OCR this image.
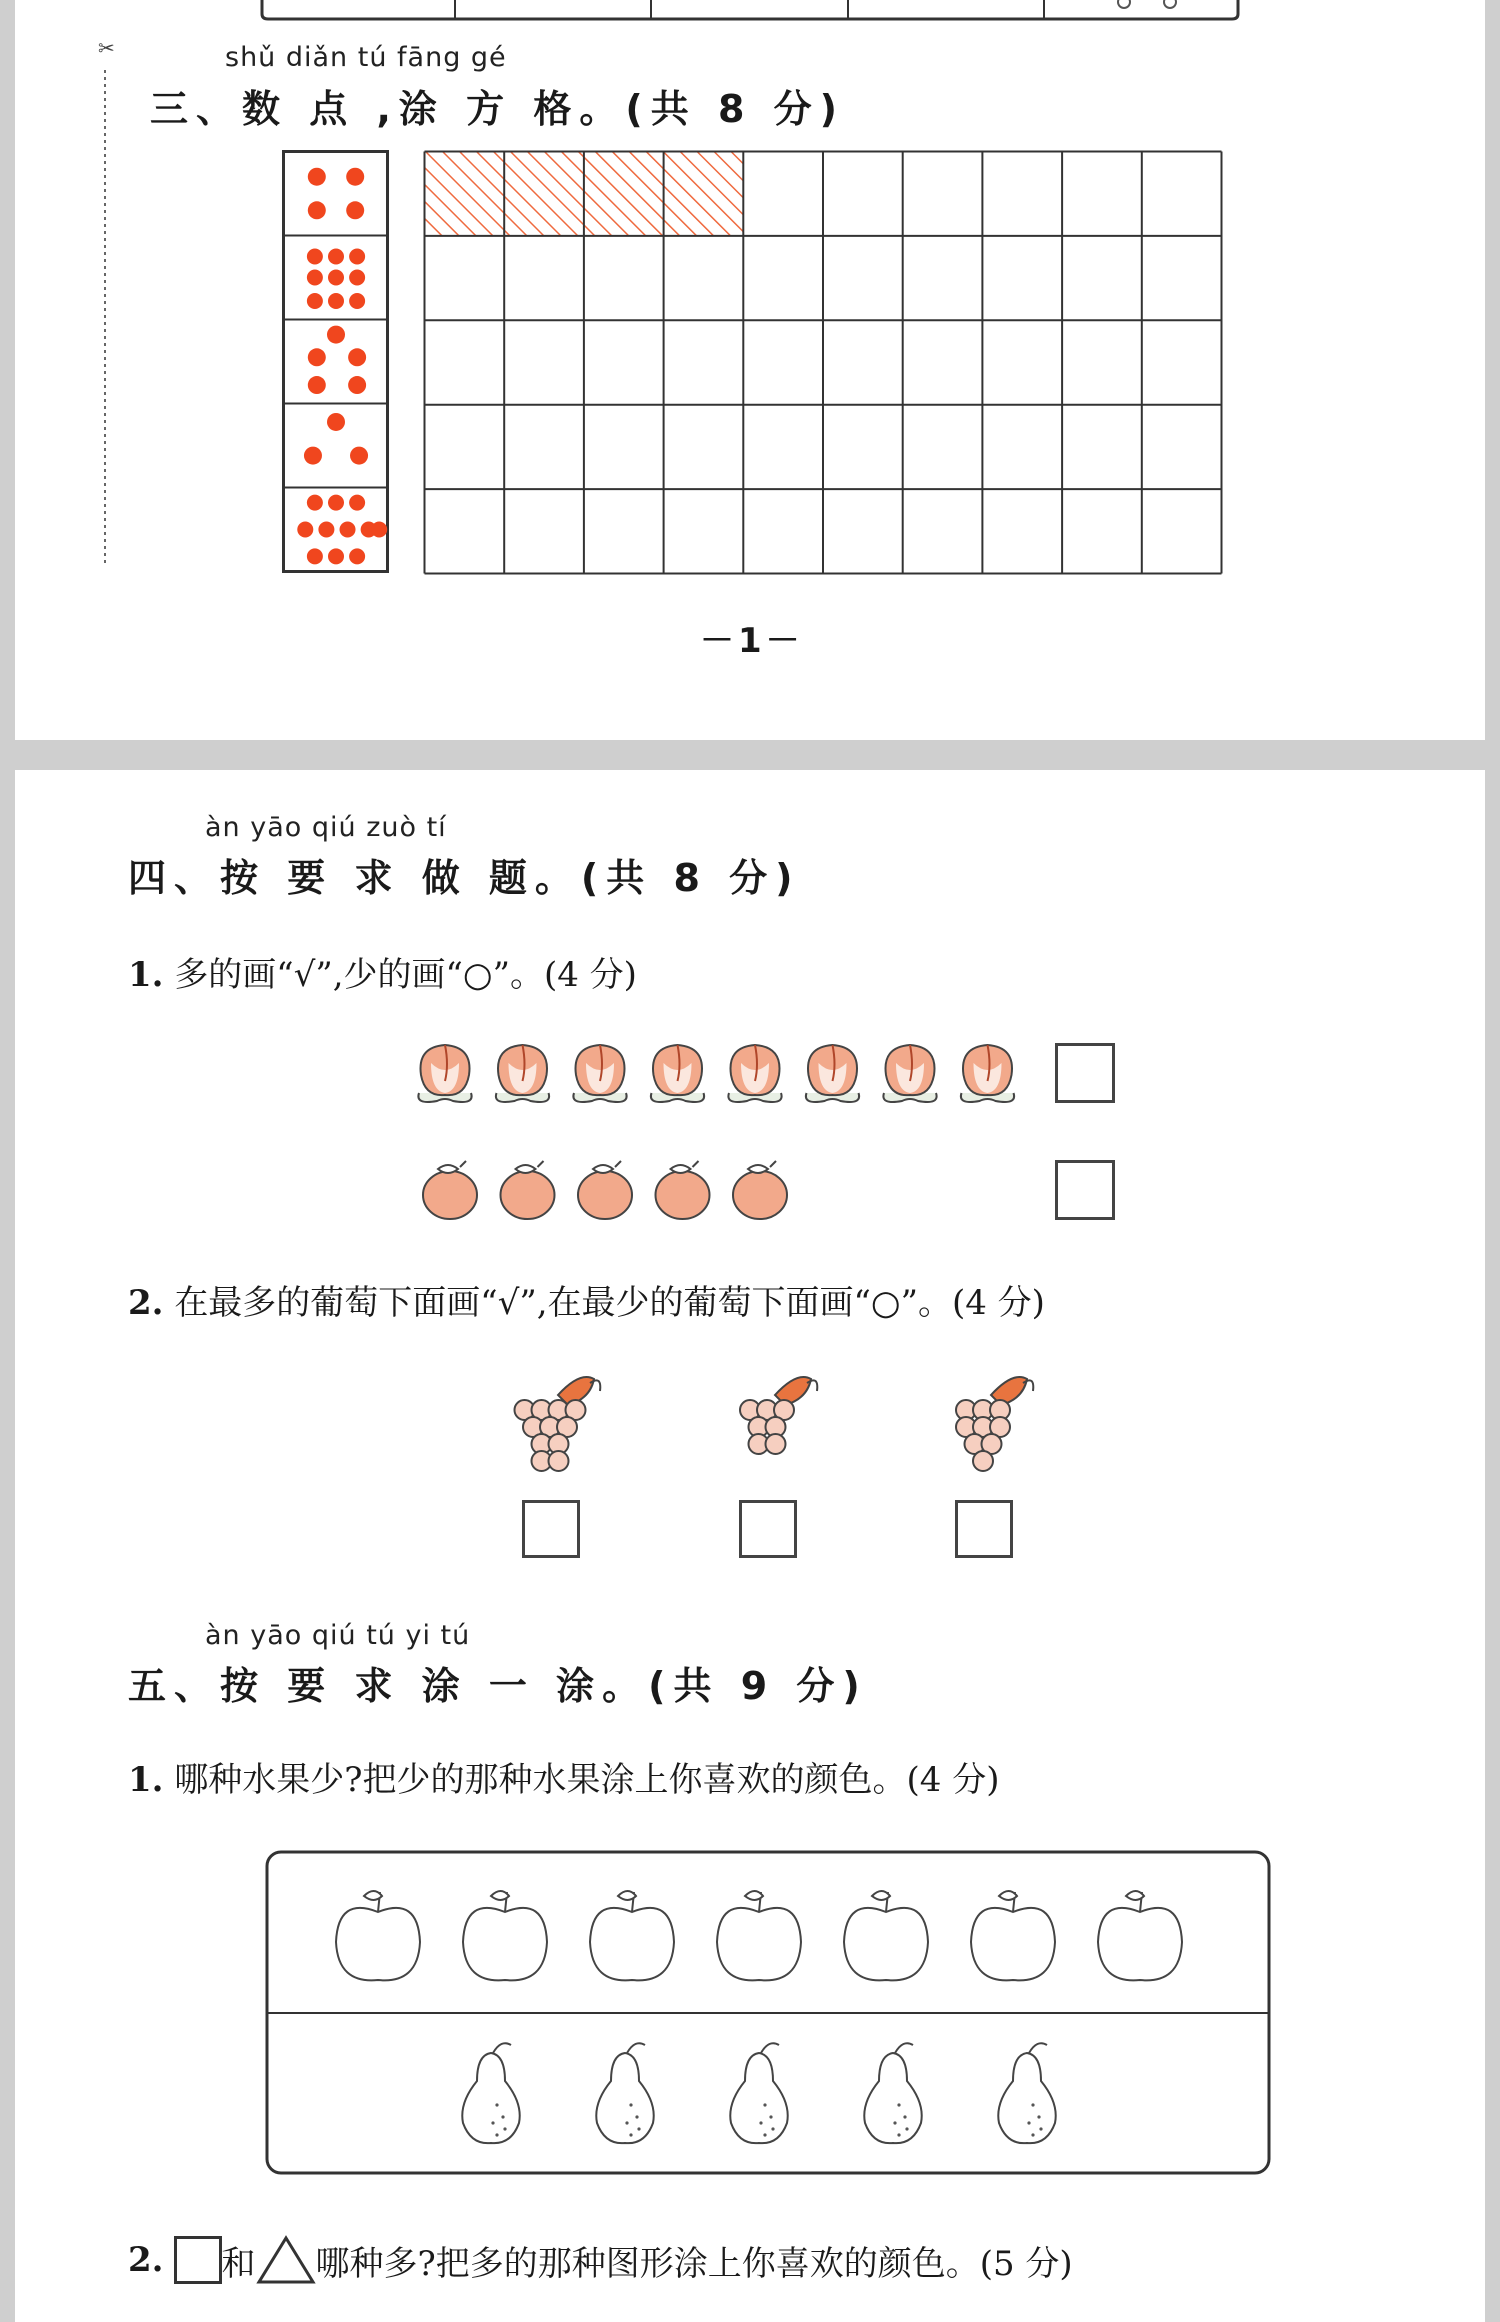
✂	shǔ diǎn tú fāng gé
三、数 点 ,涂 方 格。(共 8 分)
－1－
àn yāo qiú zuò tí
四、按 要 求 做 题。(共 8 分)
1. 多的画“√”,少的画“○”。(4 分)
2. 在最多的葡萄下面画“√”,在最少的葡萄下面画“○”。(4 分)
àn yāo qiú tú yi tú
五、按 要 求 涂 一 涂。(共 9 分)
1. 哪种水果少?把少的那种水果涂上你喜欢的颜色。(4 分)
2. 和 哪种多?把多的那种图形涂上你喜欢的颜色。(5 分)
